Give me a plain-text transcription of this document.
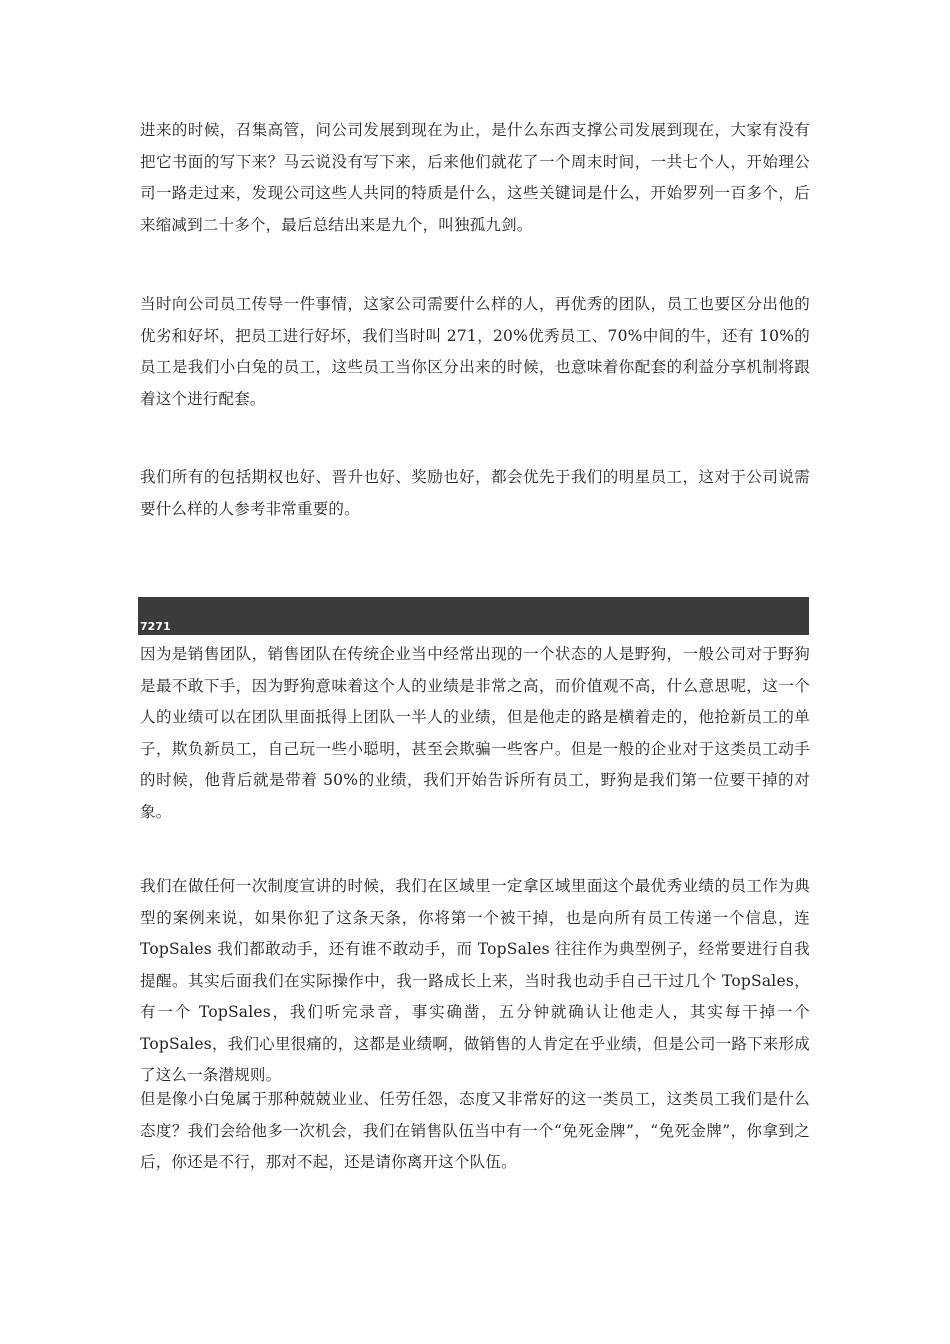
进来的时候，召集高管，问公司发展到现在为止，是什么东西支撑公司发展到现在，大家有没有把它书面的写下来？马云说没有写下来，后来他们就花了一个周末时间，一共七个人，开始理公司一路走过来，发现公司这些人共同的特质是什么，这些关键词是什么，开始罗列一百多个，后来缩减到二十多个，最后总结出来是九个，叫独孤九剑。

当时向公司员工传导一件事情，这家公司需要什么样的人，再优秀的团队，员工也要区分出他的优劣和好坏，把员工进行好坏，我们当时叫 271，20%优秀员工、70%中间的牛，还有 10%的员工是我们小白兔的员工，这些员工当你区分出来的时候，也意味着你配套的利益分享机制将跟着这个进行配套。

我们所有的包括期权也好、晋升也好、奖励也好，都会优先于我们的明星员工，这对于公司说需要什么样的人参考非常重要的。

7271

因为是销售团队，销售团队在传统企业当中经常出现的一个状态的人是野狗，一般公司对于野狗是最不敢下手，因为野狗意味着这个人的业绩是非常之高，而价值观不高，什么意思呢，这一个人的业绩可以在团队里面抵得上团队一半人的业绩，但是他走的路是横着走的，他抢新员工的单子，欺负新员工，自己玩一些小聪明，甚至会欺骗一些客户。但是一般的企业对于这类员工动手的时候，他背后就是带着 50%的业绩，我们开始告诉所有员工，野狗是我们第一位要干掉的对象。

我们在做任何一次制度宣讲的时候，我们在区域里一定拿区域里面这个最优秀业绩的员工作为典型的案例来说，如果你犯了这条天条，你将第一个被干掉，也是向所有员工传递一个信息，连 TopSales 我们都敢动手，还有谁不敢动手，而 TopSales 往往作为典型例子，经常要进行自我提醒。其实后面我们在实际操作中，我一路成长上来，当时我也动手自己干过几个 TopSales，有一个 TopSales，我们听完录音，事实确凿，五分钟就确认让他走人，其实每干掉一个 TopSales，我们心里很痛的，这都是业绩啊，做销售的人肯定在乎业绩，但是公司一路下来形成了这么一条潜规则。

但是像小白兔属于那种兢兢业业、任劳任怨，态度又非常好的这一类员工，这类员工我们是什么态度？我们会给他多一次机会，我们在销售队伍当中有一个“免死金牌”，“免死金牌”，你拿到之后，你还是不行，那对不起，还是请你离开这个队伍。
